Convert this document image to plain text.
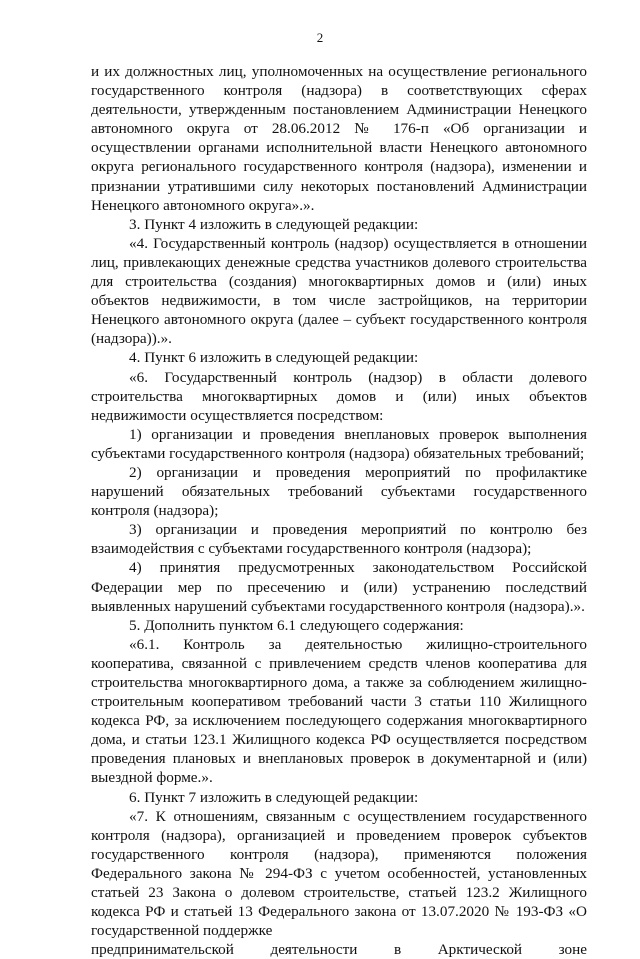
2

и их должностных лиц, уполномоченных на осуществление регионального государственного контроля (надзора) в соответствующих сферах деятельности, утвержденным постановлением Администрации Ненецкого автономного округа от 28.06.2012 № 176-п «Об организации и осуществлении органами исполнительной власти Ненецкого автономного округа регионального государственного контроля (надзора), изменении и признании утратившими силу некоторых постановлений Администрации Ненецкого автономного округа».».

3. Пункт 4 изложить в следующей редакции:

«4. Государственный контроль (надзор) осуществляется в отношении лиц, привлекающих денежные средства участников долевого строительства для строительства (создания) многоквартирных домов и (или) иных объектов недвижимости, в том числе застройщиков, на территории Ненецкого автономного округа (далее – субъект государственного контроля (надзора)).».

4. Пункт 6 изложить в следующей редакции:

«6. Государственный контроль (надзор) в области долевого строительства многоквартирных домов и (или) иных объектов недвижимости осуществляется посредством:

1) организации и проведения внеплановых проверок выполнения субъектами государственного контроля (надзора) обязательных требований;

2) организации и проведения мероприятий по профилактике нарушений обязательных требований субъектами государственного контроля (надзора);

3) организации и проведения мероприятий по контролю без взаимодействия с субъектами государственного контроля (надзора);

4) принятия предусмотренных законодательством Российской Федерации мер по пресечению и (или) устранению последствий выявленных нарушений субъектами государственного контроля (надзора).».

5. Дополнить пунктом 6.1 следующего содержания:

«6.1. Контроль за деятельностью жилищно-строительного кооператива, связанной с привлечением средств членов кооператива для строительства многоквартирного дома, а также за соблюдением жилищно-строительным кооперативом требований части 3 статьи 110 Жилищного кодекса РФ, за исключением последующего содержания многоквартирного дома, и статьи 123.1 Жилищного кодекса РФ осуществляется посредством проведения плановых и внеплановых проверок в документарной и (или) выездной форме.».

6. Пункт 7 изложить в следующей редакции:

«7. К отношениям, связанным с осуществлением государственного контроля (надзора), организацией и проведением проверок субъектов государственного контроля (надзора), применяются положения Федерального закона № 294-ФЗ с учетом особенностей, установленных статьей 23 Закона о долевом строительстве, статьей 123.2 Жилищного кодекса РФ и статьей 13 Федерального закона от 13.07.2020 № 193-ФЗ «О государственной поддержке

предпринимательской деятельности в Арктической зоне
